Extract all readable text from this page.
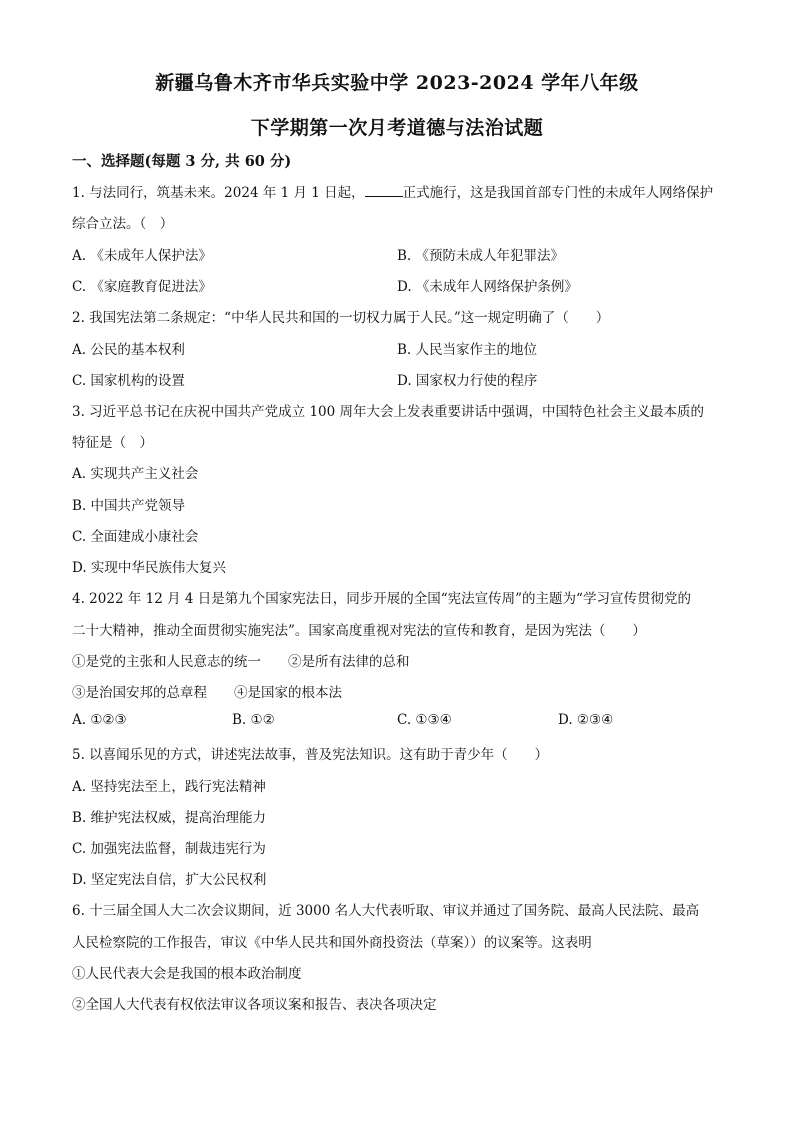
新疆乌鲁木齐市华兵实验中学 2023-2024 学年八年级
下学期第一次月考道德与法治试题
一、选择题(每题 3 分, 共 60 分)
1. 与法同行，筑基未来。2024 年 1 月 1 日起，	正式施行，这是我国首部专门性的未成年人网络保护
综合立法。（　）
A. 《未成年人保护法》	B. 《预防未成人年犯罪法》
C. 《家庭教育促进法》	D. 《未成年人网络保护条例》
2. 我国宪法第二条规定：“中华人民共和国的一切权力属于人民。”这一规定明确了（　　）
A. 公民的基本权利	B. 人民当家作主的地位
C. 国家机构的设置	D. 国家权力行使的程序
3. 习近平总书记在庆祝中国共产党成立 100 周年大会上发表重要讲话中强调，中国特色社会主义最本质的
特征是（　）
A. 实现共产主义社会
B. 中国共产党领导
C. 全面建成小康社会
D. 实现中华民族伟大复兴
4. 2022 年 12 月 4 日是第九个国家宪法日，同步开展的全国“宪法宣传周”的主题为“学习宣传贯彻党的
二十大精神，推动全面贯彻实施宪法”。国家高度重视对宪法的宣传和教育，是因为宪法（　　）
①是党的主张和人民意志的统一　　②是所有法律的总和
③是治国安邦的总章程　　④是国家的根本法
A. ①②③	B. ①②	C. ①③④	D. ②③④
5. 以喜闻乐见的方式，讲述宪法故事，普及宪法知识。这有助于青少年（　　）
A. 坚持宪法至上，践行宪法精神
B. 维护宪法权威，提高治理能力
C. 加强宪法监督，制裁违宪行为
D. 坚定宪法自信，扩大公民权利
6. 十三届全国人大二次会议期间，近 3000 名人大代表听取、审议并通过了国务院、最高人民法院、最高
人民检察院的工作报告，审议《中华人民共和国外商投资法（草案））的议案等。这表明
①人民代表大会是我国的根本政治制度
②全国人大代表有权依法审议各项议案和报告、表决各项决定
